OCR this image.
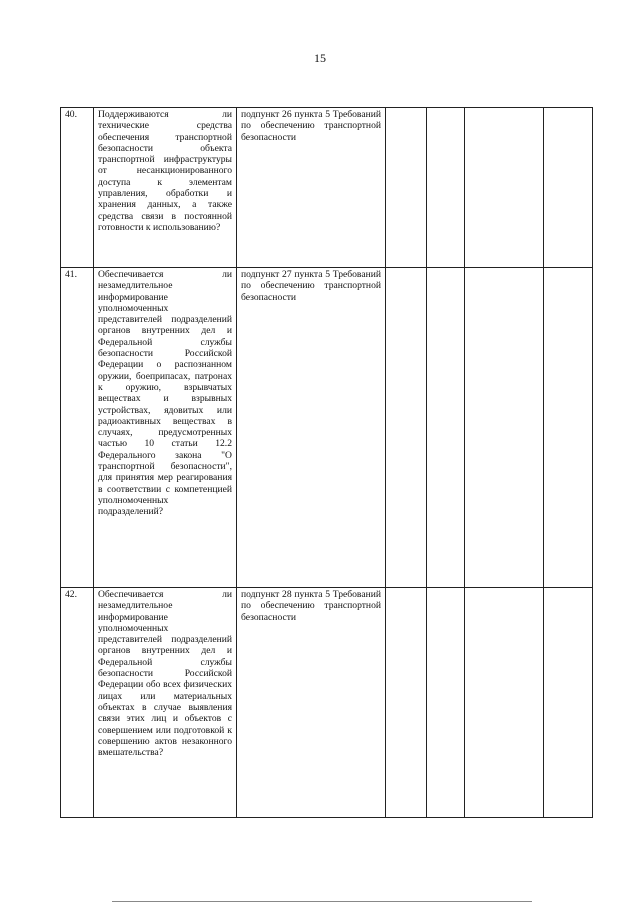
15
40.	Поддерживаются ли технические средства обеспечения транспортной безопасности объекта транспортной инфраструктуры от несанкционированного доступа к элементам управления, обработки и хранения данных, а также средства связи в постоянной готовности к использованию?	подпункт 26 пункта 5 Требований по обеспечению транспортной безопасности				
41.	Обеспечивается ли незамедлительное информирование уполномоченных представителей подразделений органов внутренних дел и Федеральной службы безопасности Российской Федерации о распознанном оружии, боеприпасах, патронах к оружию, взрывчатых веществах и взрывных устройствах, ядовитых или радиоактивных веществах в случаях, предусмотренных частью 10 статьи 12.2 Федерального закона "О транспортной безопасности", для принятия мер реагирования в соответствии с компетенцией уполномоченных подразделений?	подпункт 27 пункта 5 Требований по обеспечению транспортной безопасности				
42.	Обеспечивается ли незамедлительное информирование уполномоченных представителей подразделений органов внутренних дел и Федеральной службы безопасности Российской Федерации обо всех физических лицах или материальных объектах в случае выявления связи этих лиц и объектов с совершением или подготовкой к совершению актов незаконного вмешательства?	подпункт 28 пункта 5 Требований по обеспечению транспортной безопасности				
